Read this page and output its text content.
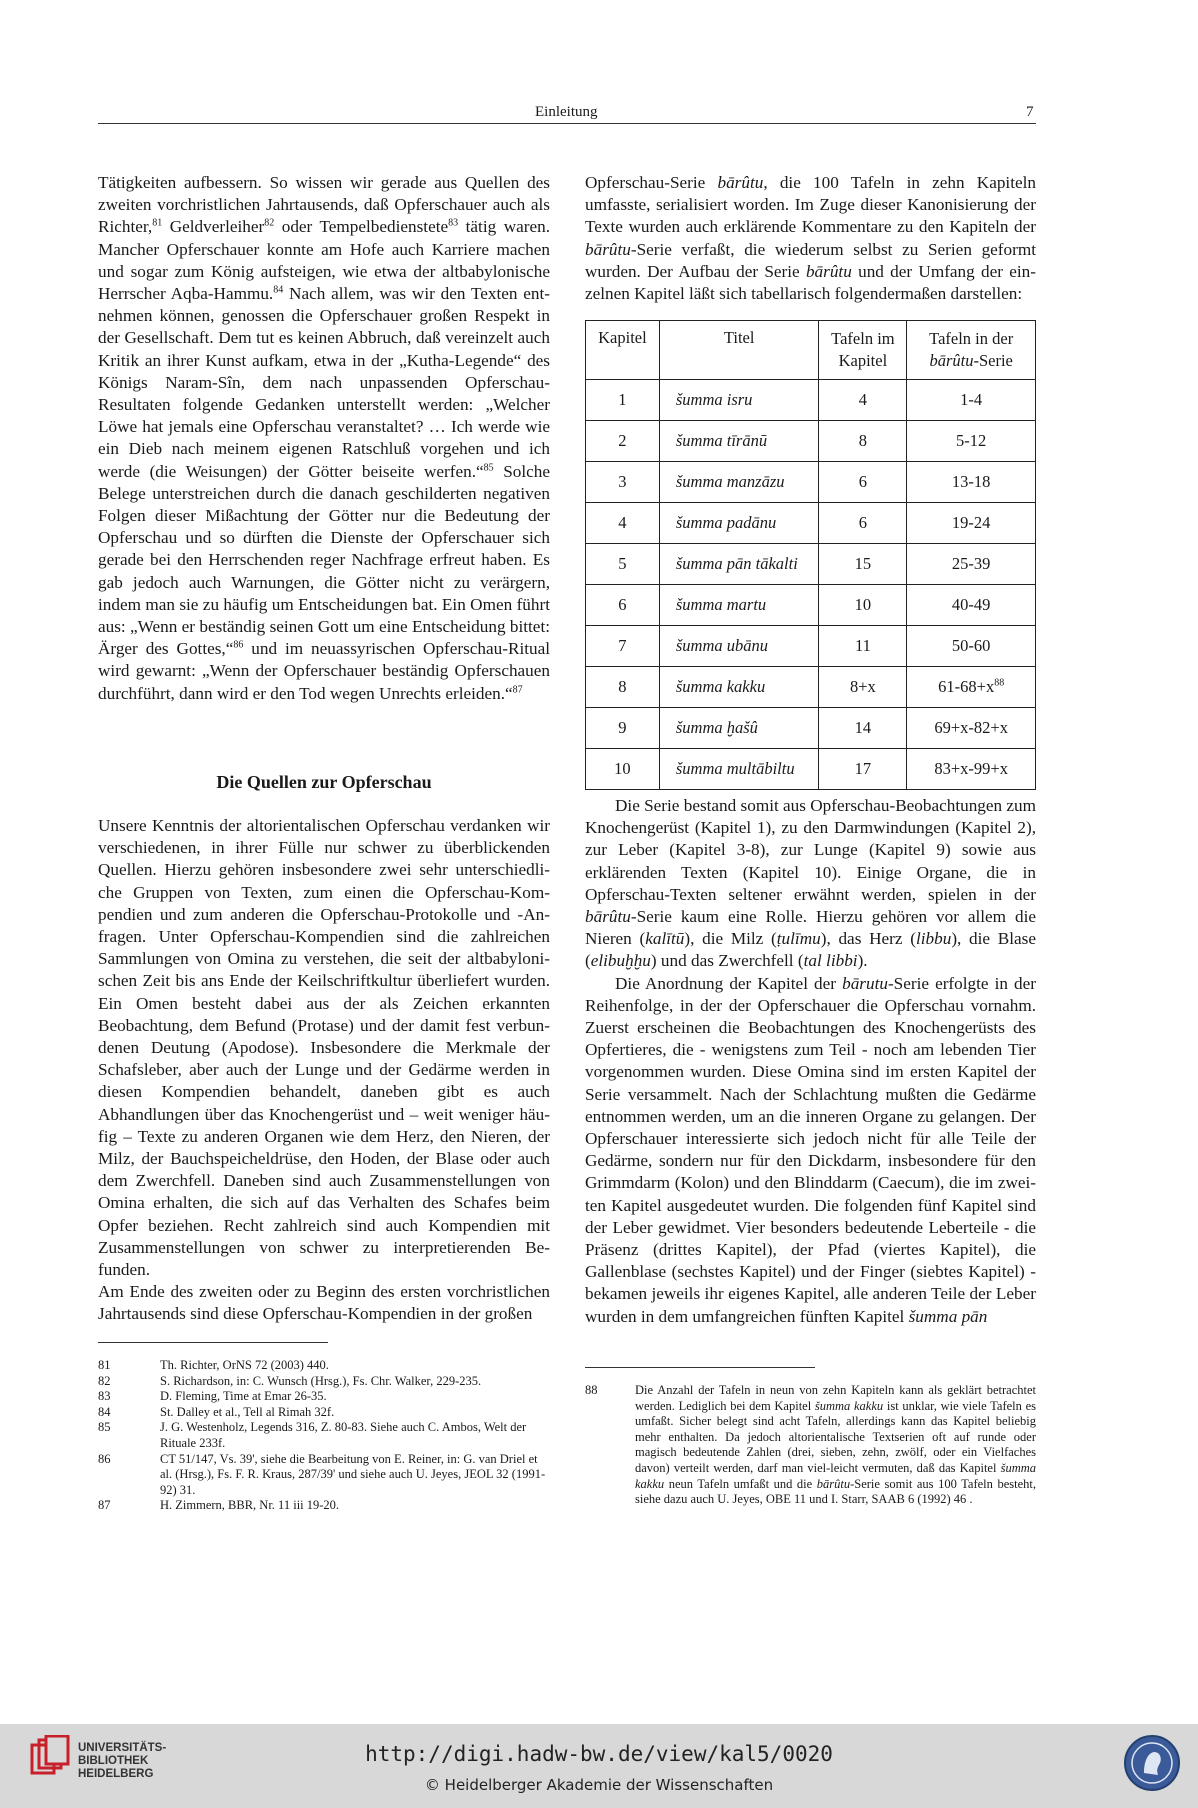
Einleitung	7

Tätigkeiten aufbessern. So wissen wir gerade aus Quellen des zweiten vorchristlichen Jahrtausends, daß Opferschauer auch als Richter,$^{81}$ Geldverleiher$^{82}$ oder Tempelbedienstete$^{83}$ tätig waren. Mancher Opferschauer konnte am Hofe auch Karriere machen und sogar zum König aufsteigen, wie etwa der altbabylonische Herrscher Aqba-Hammu.$^{84}$ Nach allem, was wir den Texten ent-nehmen können, genossen die Opferschauer großen Respekt in der Gesellschaft. Dem tut es keinen Abbruch, daß vereinzelt auch Kritik an ihrer Kunst aufkam, etwa in der „Kutha-Legende“ des Königs Naram-Sîn, dem nach unpassenden Opferschau-Resultaten folgende Gedanken unterstellt werden: „Welcher Löwe hat jemals eine Opferschau veranstaltet? … Ich werde wie ein Dieb nach meinem eigenen Ratschluß vorgehen und ich werde (die Weisungen) der Götter beiseite werfen.“$^{85}$ Solche Belege unterstreichen durch die danach geschilderten negativen Folgen dieser Mißachtung der Götter nur die Bedeutung der Opferschau und so dürften die Dienste der Opferschauer sich gerade bei den Herrschenden reger Nachfrage erfreut haben. Es gab jedoch auch Warnungen, die Götter nicht zu verärgern, indem man sie zu häufig um Entscheidungen bat. Ein Omen führt aus: „Wenn er beständig seinen Gott um eine Entscheidung bittet: Ärger des Gottes,“$^{86}$ und im neuassyrischen Opferschau-Ritual wird gewarnt: „Wenn der Opferschauer beständig Opferschauen durchführt, dann wird er den Tod wegen Unrechts erleiden.“$^{87}$

Die Quellen zur Opferschau

Unsere Kenntnis der altorientalischen Opferschau verdanken wir verschiedenen, in ihrer Fülle nur schwer zu überblickenden Quellen. Hierzu gehören insbesondere zwei sehr unterschiedli-che Gruppen von Texten, zum einen die Opferschau-Kom-pendien und zum anderen die Opferschau-Protokolle und -An-fragen. Unter Opferschau-Kompendien sind die zahlreichen Sammlungen von Omina zu verstehen, die seit der altbabyloni-schen Zeit bis ans Ende der Keilschriftkultur überliefert wurden. Ein Omen besteht dabei aus der als Zeichen erkannten Beobachtung, dem Befund (Protase) und der damit fest verbun-denen Deutung (Apodose). Insbesondere die Merkmale der Schafsleber, aber auch der Lunge und der Gedärme werden in diesen Kompendien behandelt, daneben gibt es auch Abhandlungen über das Knochengerüst und – weit weniger häu-fig – Texte zu anderen Organen wie dem Herz, den Nieren, der Milz, der Bauchspeicheldrüse, den Hoden, der Blase oder auch dem Zwerchfell. Daneben sind auch Zusammenstellungen von Omina erhalten, die sich auf das Verhalten des Schafes beim Opfer beziehen. Recht zahlreich sind auch Kompendien mit Zusammenstellungen von schwer zu interpretierenden Be-funden.

Am Ende des zweiten oder zu Beginn des ersten vorchristlichen Jahrtausends sind diese Opferschau-Kompendien in der großen

Opferschau-Serie bārûtu, die 100 Tafeln in zehn Kapiteln umfasste, serialisiert worden. Im Zuge dieser Kanonisierung der Texte wurden auch erklärende Kommentare zu den Kapiteln der bārûtu-Serie verfaßt, die wiederum selbst zu Serien geformt wurden. Der Aufbau der Serie bārûtu und der Umfang der ein-zelnen Kapitel läßt sich tabellarisch folgendermaßen darstellen:

Kapitel	Titel	Tafeln im Kapitel	Tafeln in der
bārûtu-Serie
1	šumma isru	4	1-4
2	šumma tīrānū	8	5-12
3	šumma manzāzu	6	13-18
4	šumma padānu	6	19-24
5	šumma pān tākalti	15	25-39
6	šumma martu	10	40-49
7	šumma ubānu	11	50-60
8	šumma kakku	8+x	$61-68+x^{88}$
9	šumma ḫašû	14	69+x-82+x
10	šumma multābiltu	17	83+x-99+x

Die Serie bestand somit aus Opferschau-Beobachtungen zum Knochengerüst (Kapitel 1), zu den Darmwindungen (Kapitel 2), zur Leber (Kapitel 3-8), zur Lunge (Kapitel 9) sowie aus erklärenden Texten (Kapitel 10). Einige Organe, die in Opferschau-Texten seltener erwähnt werden, spielen in der bārûtu-Serie kaum eine Rolle. Hierzu gehören vor allem die Nieren (kalītū), die Milz (ṭulīmu), das Herz (libbu), die Blase (elibuḫḫu) und das Zwerchfell (tal libbi).

Die Anordnung der Kapitel der bārutu-Serie erfolgte in der Reihenfolge, in der der Opferschauer die Opferschau vornahm. Zuerst erscheinen die Beobachtungen des Knochengerüsts des Opfertieres, die - wenigstens zum Teil - noch am lebenden Tier vorgenommen wurden. Diese Omina sind im ersten Kapitel der Serie versammelt. Nach der Schlachtung mußten die Gedärme entnommen werden, um an die inneren Organe zu gelangen. Der Opferschauer interessierte sich jedoch nicht für alle Teile der Gedärme, sondern nur für den Dickdarm, insbesondere für den Grimmdarm (Kolon) und den Blinddarm (Caecum), die im zwei-ten Kapitel ausgedeutet wurden. Die folgenden fünf Kapitel sind der Leber gewidmet. Vier besonders bedeutende Leberteile - die Präsenz (drittes Kapitel), der Pfad (viertes Kapitel), die Gallenblase (sechstes Kapitel) und der Finger (siebtes Kapitel) - bekamen jeweils ihr eigenes Kapitel, alle anderen Teile der Leber wurden in dem umfangreichen fünften Kapitel šumma pān

81	Th. Richter, OrNS 72 (2003) 440.
82	S. Richardson, in: C. Wunsch (Hrsg.), Fs. Chr. Walker, 229-235.
83	D. Fleming, Time at Emar 26-35.
84	St. Dalley et al., Tell al Rimah 32f.
85	J. G. Westenholz, Legends 316, Z. 80-83. Siehe auch C. Ambos, Welt der Rituale 233f.
86	CT 51/147, Vs. 39', siehe die Bearbeitung von E. Reiner, in: G. van Driel et al. (Hrsg.), Fs. F. R. Kraus, 287/39' und siehe auch U. Jeyes, JEOL 32 (1991-92) 31.
87	H. Zimmern, BBR, Nr. 11 iii 19-20.
88	Die Anzahl der Tafeln in neun von zehn Kapiteln kann als geklärt betrachtet werden. Lediglich bei dem Kapitel šumma kakku ist unklar, wie viele Tafeln es umfaßt. Sicher belegt sind acht Tafeln, allerdings kann das Kapitel beliebig mehr enthalten. Da jedoch altorientalische Textserien oft auf runde oder magisch bedeutende Zahlen (drei, sieben, zehn, zwölf, oder ein Vielfaches davon) verteilt werden, darf man viel-leicht vermuten, daß das Kapitel šumma kakku neun Tafeln umfaßt und die bārûtu-Serie somit aus 100 Tafeln besteht, siehe dazu auch U. Jeyes, OBE 11 und I. Starr, SAAB 6 (1992) 46 .
UNIVERSITÄTS-
BIBLIOTHEK
HEIDELBERG
http://digi.hadw-bw.de/view/kal5/0020
© Heidelberger Akademie der Wissenschaften
